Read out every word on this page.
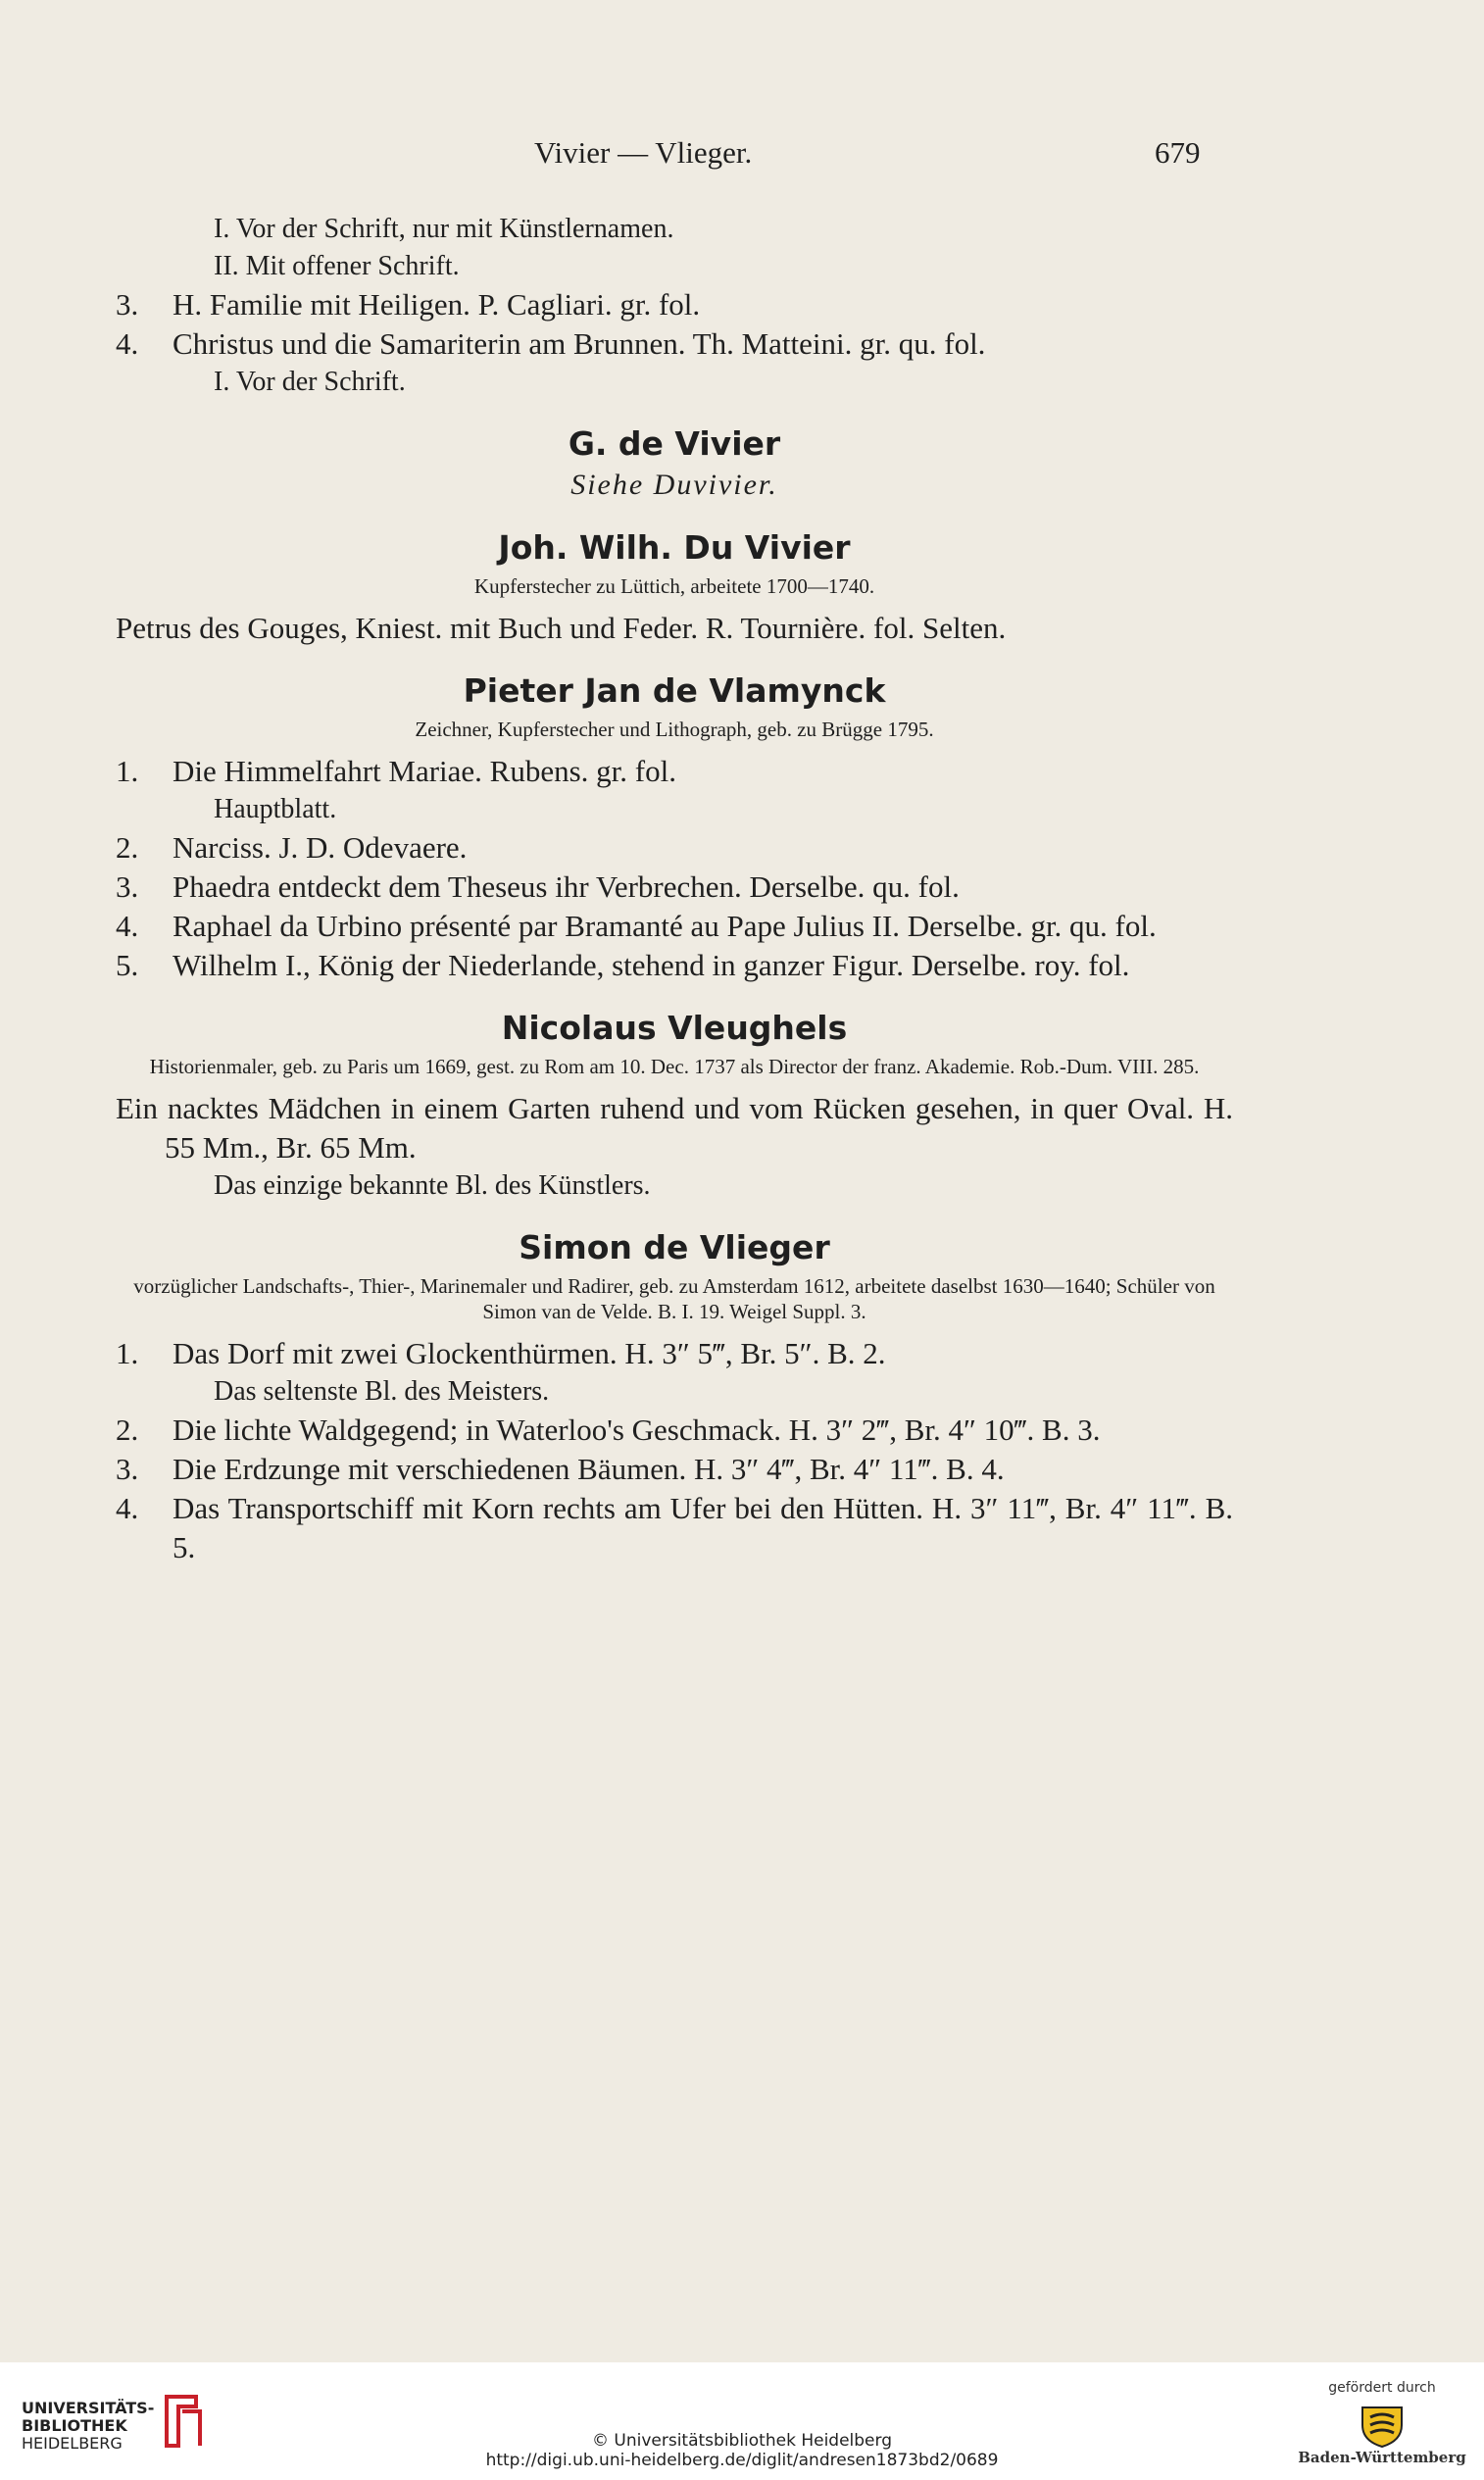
Vivier — Vlieger.	679
I. Vor der Schrift, nur mit Künstlernamen.
II. Mit offener Schrift.
3. H. Familie mit Heiligen. P. Cagliari. gr. fol.
4. Christus und die Samariterin am Brunnen. Th. Matteini. gr. qu. fol.
I. Vor der Schrift.
G. de Vivier
Siehe Duvivier.
Joh. Wilh. Du Vivier
Kupferstecher zu Lüttich, arbeitete 1700—1740.
Petrus des Gouges, Kniest. mit Buch und Feder. R. Tournière. fol. Selten.
Pieter Jan de Vlamynck
Zeichner, Kupferstecher und Lithograph, geb. zu Brügge 1795.
1. Die Himmelfahrt Mariae. Rubens. gr. fol.
Hauptblatt.
2. Narciss. J. D. Odevaere.
3. Phaedra entdeckt dem Theseus ihr Verbrechen. Derselbe. qu. fol.
4. Raphael da Urbino présenté par Bramanté au Pape Julius II. Derselbe. gr. qu. fol.
5. Wilhelm I., König der Niederlande, stehend in ganzer Figur. Derselbe. roy. fol.
Nicolaus Vleughels
Historienmaler, geb. zu Paris um 1669, gest. zu Rom am 10. Dec. 1737 als Director der franz. Akademie. Rob.-Dum. VIII. 285.
Ein nacktes Mädchen in einem Garten ruhend und vom Rücken gesehen, in quer Oval. H. 55 Mm., Br. 65 Mm.
Das einzige bekannte Bl. des Künstlers.
Simon de Vlieger
vorzüglicher Landschafts-, Thier-, Marinemaler und Radirer, geb. zu Amsterdam 1612, arbeitete daselbst 1630—1640; Schüler von Simon van de Velde. B. I. 19. Weigel Suppl. 3.
1. Das Dorf mit zwei Glockenthürmen. H. 3″ 5‴, Br. 5″. B. 2.
Das seltenste Bl. des Meisters.
2. Die lichte Waldgegend; in Waterloo's Geschmack. H. 3″ 2‴, Br. 4″ 10‴. B. 3.
3. Die Erdzunge mit verschiedenen Bäumen. H. 3″ 4‴, Br. 4″ 11‴. B. 4.
4. Das Transportschiff mit Korn rechts am Ufer bei den Hütten. H. 3″ 11‴, Br. 4″ 11‴. B. 5.
UNIVERSITÄTS-
BIBLIOTHEK
HEIDELBERG	© Universitätsbibliothek Heidelberg
http://digi.ub.uni-heidelberg.de/diglit/andresen1873bd2/0689
gefördert durch
Baden-Württemberg
